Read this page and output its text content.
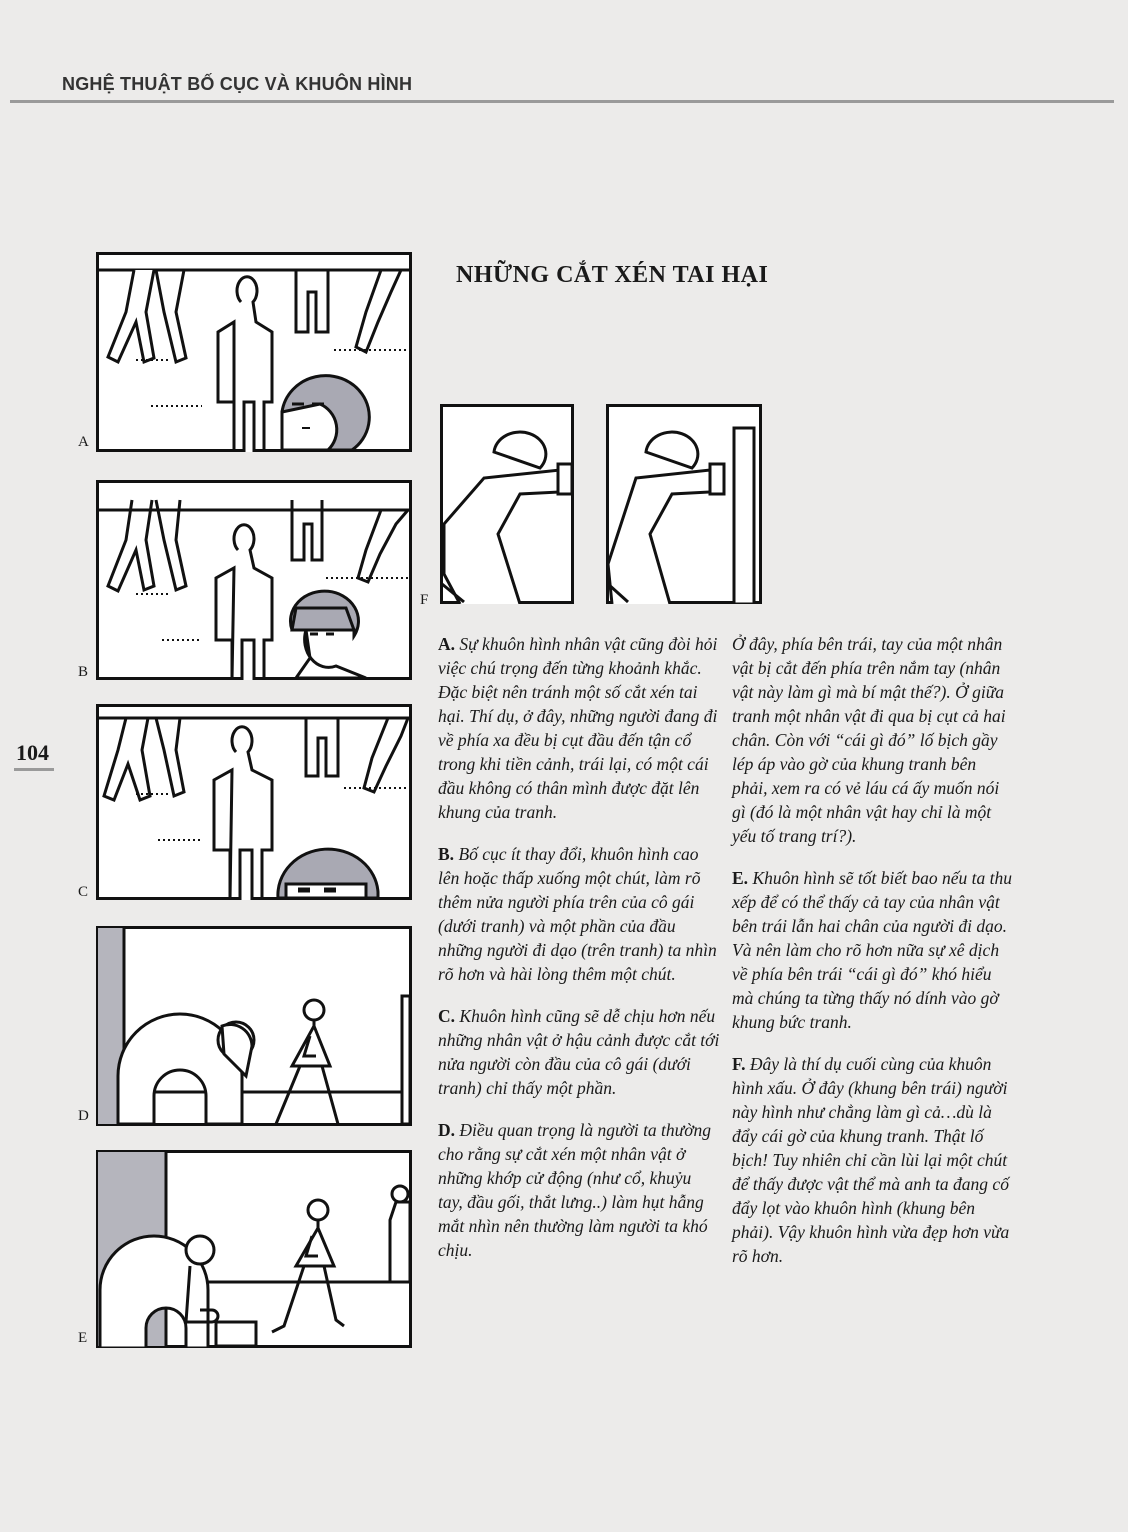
NGHỆ THUẬT BỐ CỤC VÀ KHUÔN HÌNH
104
NHỮNG CẮT XÉN TAI HẠI
A
B
C
D
E
F

A. Sự khuôn hình nhân vật cũng đòi hỏi việc chú trọng đến từng khoảnh khắc. Đặc biệt nên tránh một số cắt xén tai hại. Thí dụ, ở đây, những người đang đi về phía xa đều bị cụt đầu đến tận cổ trong khi tiền cảnh, trái lại, có một cái đầu không có thân mình được đặt lên khung của tranh.

B. Bố cục ít thay đổi, khuôn hình cao lên hoặc thấp xuống một chút, làm rõ thêm nửa người phía trên của cô gái (dưới tranh) và một phần của đầu những người đi dạo (trên tranh) ta nhìn rõ hơn và hài lòng thêm một chút.

C. Khuôn hình cũng sẽ dễ chịu hơn nếu những nhân vật ở hậu cảnh được cắt tới nửa người còn đầu của cô gái (dưới tranh) chỉ thấy một phần.

D. Điều quan trọng là người ta thường cho rằng sự cắt xén một nhân vật ở những khớp cử động (như cổ, khuỷu tay, đầu gối, thắt lưng..) làm hụt hẫng mắt nhìn nên thường làm người ta khó chịu.

Ở đây, phía bên trái, tay của một nhân vật bị cắt đến phía trên nắm tay (nhân vật này làm gì mà bí mật thế?). Ở giữa tranh một nhân vật đi qua bị cụt cả hai chân. Còn với “cái gì đó” lố bịch gầy lép áp vào gờ của khung tranh bên phải, xem ra có vẻ láu cá ấy muốn nói gì (đó là một nhân vật hay chỉ là một yếu tố trang trí?).

E. Khuôn hình sẽ tốt biết bao nếu ta thu xếp để có thể thấy cả tay của nhân vật bên trái lẫn hai chân của người đi dạo. Và nên làm cho rõ hơn nữa sự xê dịch về phía bên trái “cái gì đó” khó hiểu mà chúng ta từng thấy nó dính vào gờ khung bức tranh.

F. Đây là thí dụ cuối cùng của khuôn hình xấu. Ở đây (khung bên trái) người này hình như chẳng làm gì cả…dù là đẩy cái gờ của khung tranh. Thật lố bịch! Tuy nhiên chỉ cần lùi lại một chút để thấy được vật thể mà anh ta đang cố đẩy lọt vào khuôn hình (khung bên phải). Vậy khuôn hình vừa đẹp hơn vừa rõ hơn.
